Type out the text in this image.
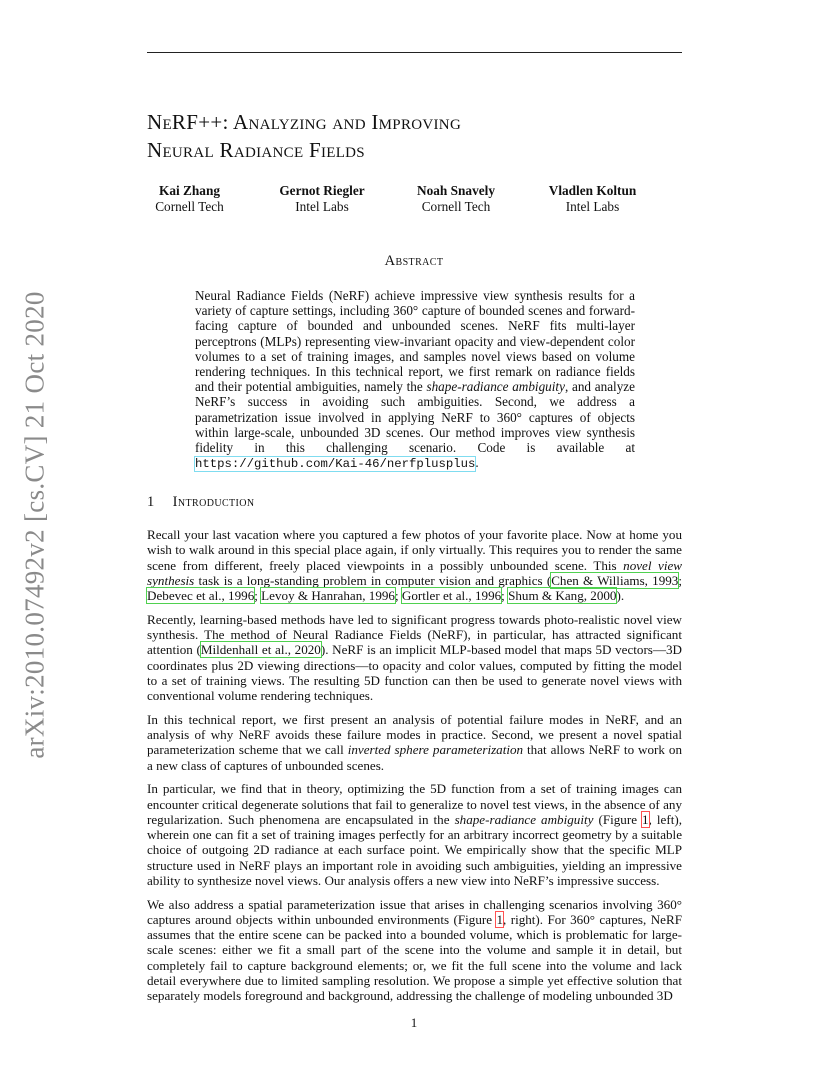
NeRF++: Analyzing and Improving
Neural Radiance Fields
Kai Zhang
Cornell Tech
Gernot Riegler
Intel Labs
Noah Snavely
Cornell Tech
Vladlen Koltun
Intel Labs
Abstract
Neural Radiance Fields (NeRF) achieve impressive view synthesis results for a variety of capture settings, including 360° capture of bounded scenes and forward-facing capture of bounded and unbounded scenes. NeRF fits multi-layer perceptrons (MLPs) representing view-invariant opacity and view-dependent color volumes to a set of training images, and samples novel views based on volume rendering techniques. In this technical report, we first remark on radiance fields and their potential ambiguities, namely the shape-radiance ambiguity, and analyze NeRF’s success in avoiding such ambiguities. Second, we address a parametrization issue involved in applying NeRF to 360° captures of objects within large-scale, unbounded 3D scenes. Our method improves view synthesis fidelity in this challenging scenario. Code is available at https://github.com/Kai-46/nerfplusplus.
1 Introduction

Recall your last vacation where you captured a few photos of your favorite place. Now at home you wish to walk around in this special place again, if only virtually. This requires you to render the same scene from different, freely placed viewpoints in a possibly unbounded scene. This novel view synthesis task is a long-standing problem in computer vision and graphics (Chen & Williams, 1993; Debevec et al., 1996; Levoy & Hanrahan, 1996; Gortler et al., 1996; Shum & Kang, 2000).

Recently, learning-based methods have led to significant progress towards photo-realistic novel view synthesis. The method of Neural Radiance Fields (NeRF), in particular, has attracted significant attention (Mildenhall et al., 2020). NeRF is an implicit MLP-based model that maps 5D vectors—3D coordinates plus 2D viewing directions—to opacity and color values, computed by fitting the model to a set of training views. The resulting 5D function can then be used to generate novel views with conventional volume rendering techniques.

In this technical report, we first present an analysis of potential failure modes in NeRF, and an analysis of why NeRF avoids these failure modes in practice. Second, we present a novel spatial parameterization scheme that we call inverted sphere parameterization that allows NeRF to work on a new class of captures of unbounded scenes.

In particular, we find that in theory, optimizing the 5D function from a set of training images can encounter critical degenerate solutions that fail to generalize to novel test views, in the absence of any regularization. Such phenomena are encapsulated in the shape-radiance ambiguity (Figure 1, left), wherein one can fit a set of training images perfectly for an arbitrary incorrect geometry by a suitable choice of outgoing 2D radiance at each surface point. We empirically show that the specific MLP structure used in NeRF plays an important role in avoiding such ambiguities, yielding an impressive ability to synthesize novel views. Our analysis offers a new view into NeRF’s impressive success.

We also address a spatial parameterization issue that arises in challenging scenarios involving 360° captures around objects within unbounded environments (Figure 1, right). For 360° captures, NeRF assumes that the entire scene can be packed into a bounded volume, which is problematic for large-scale scenes: either we fit a small part of the scene into the volume and sample it in detail, but completely fail to capture background elements; or, we fit the full scene into the volume and lack detail everywhere due to limited sampling resolution. We propose a simple yet effective solution that separately models foreground and background, addressing the challenge of modeling unbounded 3D

arXiv:2010.07492v2 [cs.CV] 21 Oct 2020
1
